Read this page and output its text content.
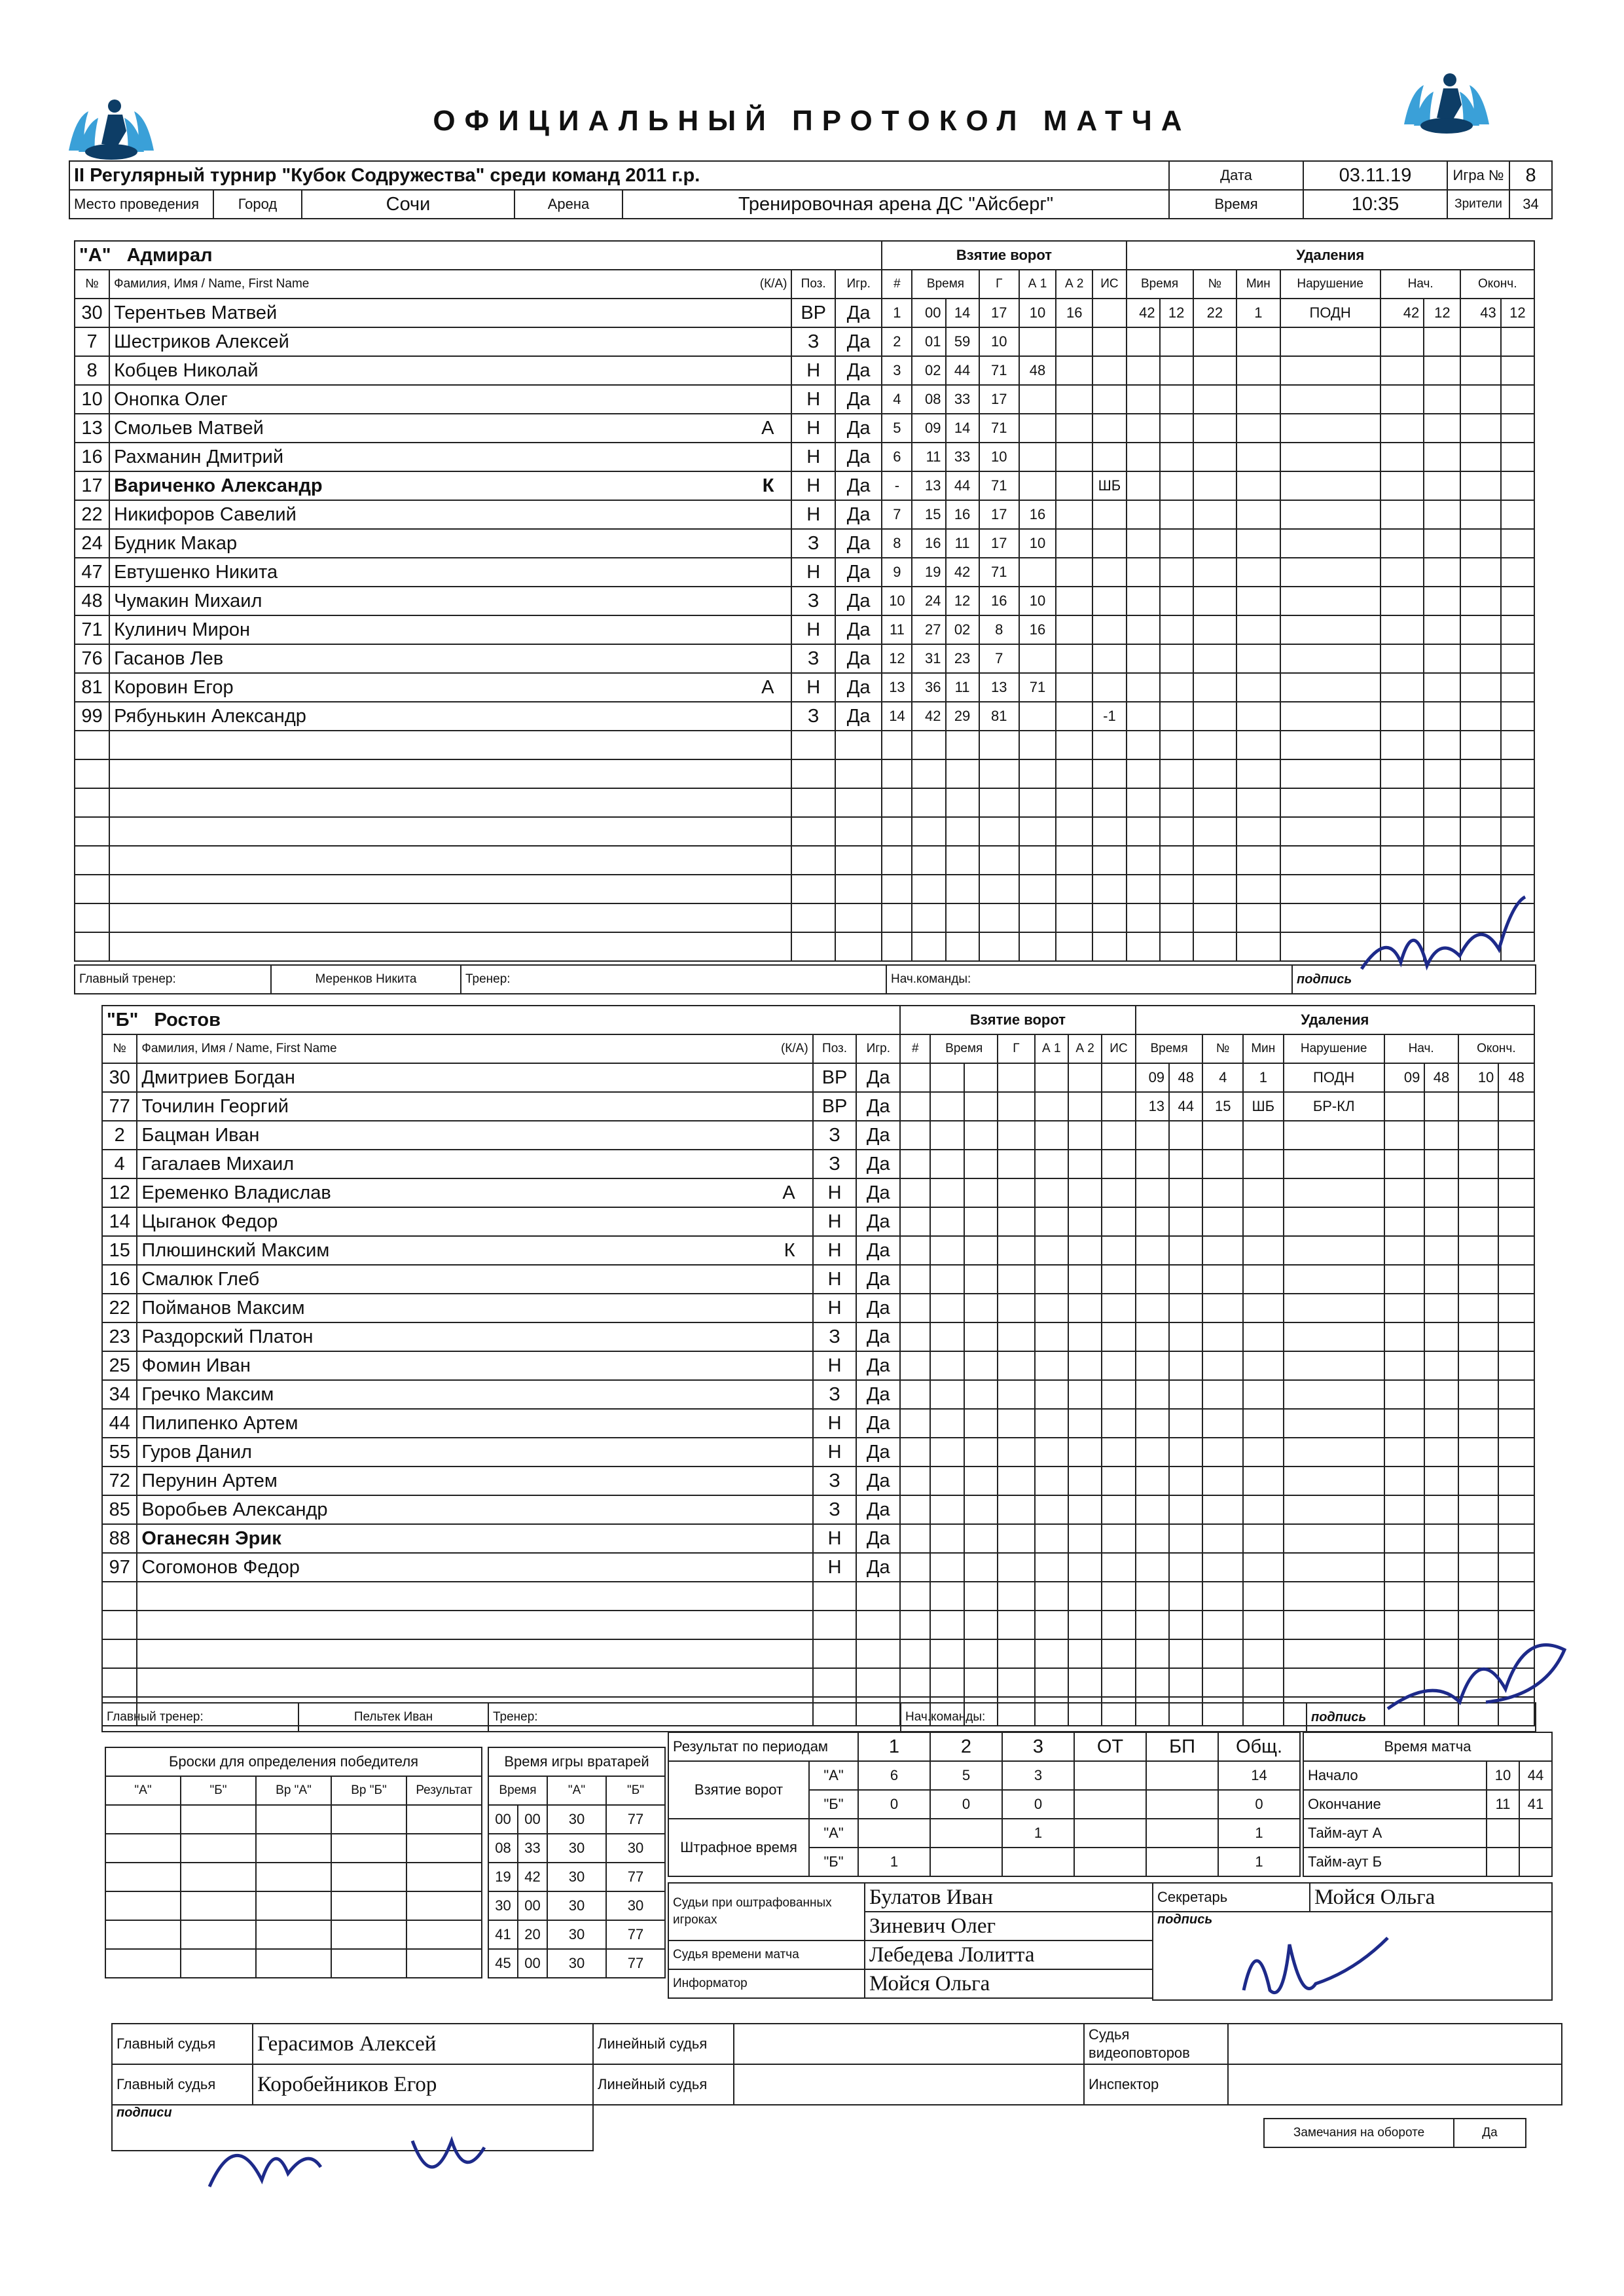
ОФИЦИАЛЬНЫЙ ПРОТОКОЛ МАТЧА
II Регулярный турнир "Кубок Содружества" среди команд 2011 г.р.					Дата	03.11.19	Игра №	8
Место проведения	Город	Сочи	Арена	Тренировочная арена ДС "Айсберг"	Время	10:35	Зрители	34
"А" Адмирал				Взятие ворот							Удаления								
№	Фамилия, Имя / Name, First Name (К/А)	Поз.	Игр.	#	Время		Г	А 1	А 2	ИС	Время		№	Мин	Нарушение	Нач.		Оконч.	
30	Терентьев Матвей	ВР	Да	1	00	14	17	10	16		42	12	22	1	ПОДН	42	12	43	12
7	Шестриков Алексей	З	Да	2	01	59	10												
8	Кобцев Николай	Н	Да	3	02	44	71	48											
10	Онопка Олег	Н	Да	4	08	33	17												
13	Смольев Матвей А	Н	Да	5	09	14	71												
16	Рахманин Дмитрий	Н	Да	6	11	33	10												
17	Вариченко Александр К	Н	Да	-	13	44	71			ШБ									
22	Никифоров Савелий	Н	Да	7	15	16	17	16											
24	Будник Макар	З	Да	8	16	11	17	10											
47	Евтушенко Никита	Н	Да	9	19	42	71												
48	Чумакин Михаил	З	Да	10	24	12	16	10											
71	Кулинич Мирон	Н	Да	11	27	02	8	16											
76	Гасанов Лев	З	Да	12	31	23	7												
81	Коровин Егор А	Н	Да	13	36	11	13	71											
99	Рябунькин Александр	З	Да	14	42	29	81			-1									

Главный тренер:	Меренков Никита	Тренер:	Нач.команды:	подпись
"Б" Ростов				Взятие ворот							Удаления								
№	Фамилия, Имя / Name, First Name (К/А)	Поз.	Игр.	#	Время		Г	А 1	А 2	ИС	Время		№	Мин	Нарушение	Нач.		Оконч.	
30	Дмитриев Богдан	ВР	Да								09	48	4	1	ПОДН	09	48	10	48
77	Точилин Георгий	ВР	Да								13	44	15	ШБ	БР-КЛ				
2	Бацман Иван	З	Да																
4	Гагалаев Михаил	З	Да																
12	Еременко Владислав А	Н	Да																
14	Цыганок Федор	Н	Да																
15	Плюшинский Максим К	Н	Да																
16	Смалюк Глеб	Н	Да																
22	Пойманов Максим	Н	Да																
23	Раздорский Платон	З	Да																
25	Фомин Иван	Н	Да																
34	Гречко Максим	З	Да																
44	Пилипенко Артем	Н	Да																
55	Гуров Данил	Н	Да																
72	Перунин Артем	З	Да																
85	Воробьев Александр	З	Да																
88	Оганесян Эрик	Н	Да																
97	Согомонов Федор	Н	Да																

Главный тренер:	Пельтек Иван	Тренер:	Нач.команды:	подпись
Броски для определения победителя				
"А"	"Б"	Вр "А"	Вр "Б"	Результат

Время игры вратарей			
Время		"А"	"Б"
00	00	30	77
08	33	30	30
19	42	30	77
30	00	30	30
41	20	30	77
45	00	30	77
Результат по периодам		1	2	3	ОТ	БП	Общ.
Взятие ворот	"А"	6	5	3			14
	"Б"	0	0	0			0
Штрафное время	"А"			1			1
	"Б"	1					1
Время матча		
Начало	10	44
Окончание	11	41
Тайм-аут А		
Тайм-аут Б		
Судьи при оштрафованных игроках	Булатов Иван
	Зиневич Олег
Судья времени матча	Лебедева Лолитта
Информатор	Мойся Ольга
Секретарь	Мойся Ольга
подпись
Главный судья	Герасимов Алексей	Линейный судья		Судья видеоповторов	
Главный судья	Коробейников Егор	Линейный судья		Инспектор	
подписи					
Замечания на обороте	Да
